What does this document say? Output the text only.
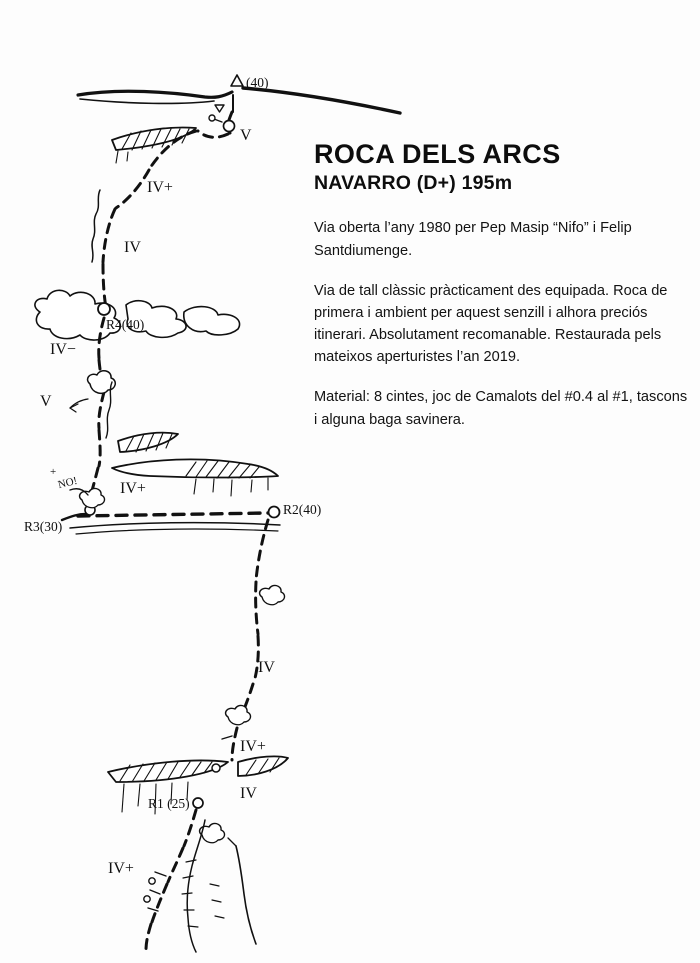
(40)
V
IV+
IV
IV−
V
IV+
IV
IV+
IV
IV+
R4(40)
R3(30)
R2(40)
R1 (25)
+
NO!
ROCA DELS ARCS
NAVARRO (D+) 195m

Via oberta l’any 1980 per Pep Masip “Nifo” i Felip Santdiumenge.

Via de tall clàssic pràcticament des equipada. Roca de primera i ambient per aquest senzill i alhora preciós itinerari. Absolutament recomanable. Restaurada pels mateixos aperturistes l’an 2019.

Material: 8 cintes, joc de Camalots del #0.4 al #1, tascons i alguna baga savinera.
